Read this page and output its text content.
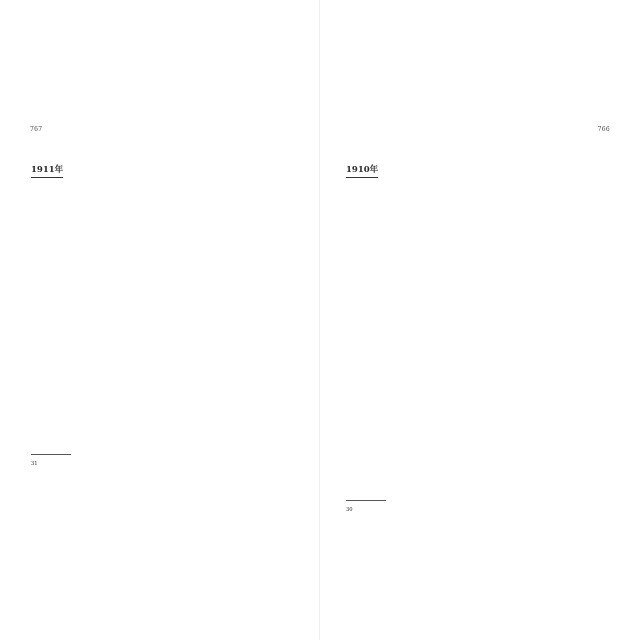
767

1911年

31
766

1910年

30
